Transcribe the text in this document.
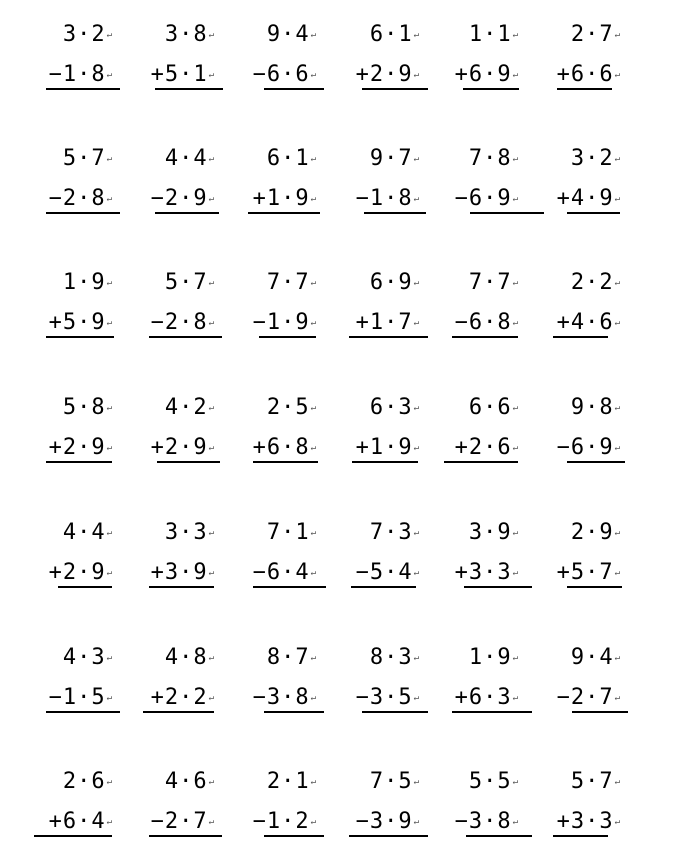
3·2↵
−1·8↵
3·8↵
+5·1↵
9·4↵
−6·6↵
6·1↵
+2·9↵
1·1↵
+6·9↵
2·7↵
+6·6↵
5·7↵
−2·8↵
4·4↵
−2·9↵
6·1↵
+1·9↵
9·7↵
−1·8↵
7·8↵
−6·9↵
3·2↵
+4·9↵
1·9↵
+5·9↵
5·7↵
−2·8↵
7·7↵
−1·9↵
6·9↵
+1·7↵
7·7↵
−6·8↵
2·2↵
+4·6↵
5·8↵
+2·9↵
4·2↵
+2·9↵
2·5↵
+6·8↵
6·3↵
+1·9↵
6·6↵
+2·6↵
9·8↵
−6·9↵
4·4↵
+2·9↵
3·3↵
+3·9↵
7·1↵
−6·4↵
7·3↵
−5·4↵
3·9↵
+3·3↵
2·9↵
+5·7↵
4·3↵
−1·5↵
4·8↵
+2·2↵
8·7↵
−3·8↵
8·3↵
−3·5↵
1·9↵
+6·3↵
9·4↵
−2·7↵
2·6↵
+6·4↵
4·6↵
−2·7↵
2·1↵
−1·2↵
7·5↵
−3·9↵
5·5↵
−3·8↵
5·7↵
+3·3↵
